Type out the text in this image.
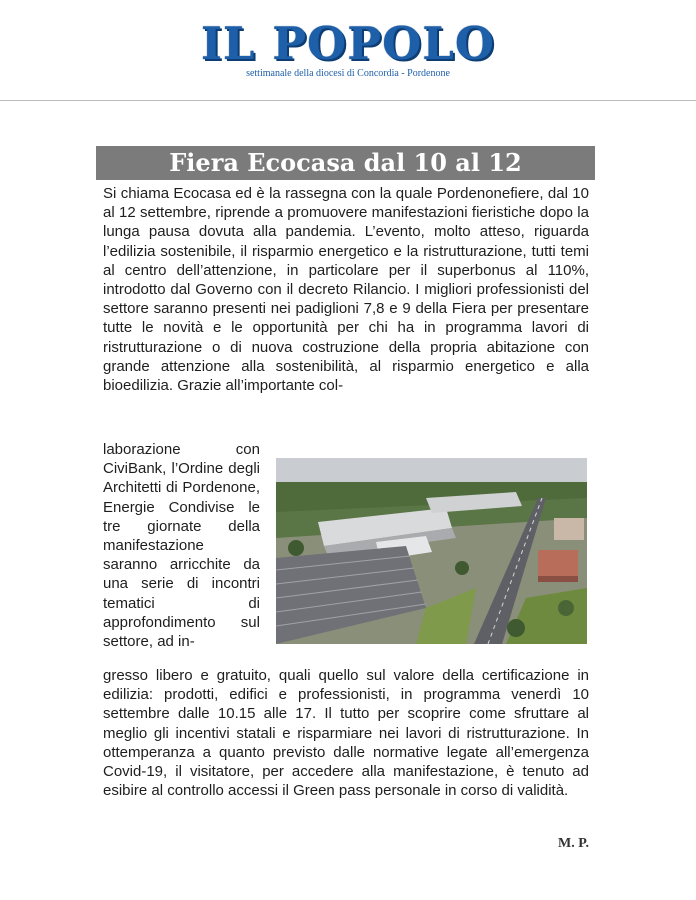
IL POPOLO
settimanale della diocesi di Concordia - Pordenone
Fiera Ecocasa dal 10 al 12

Si chiama Ecocasa ed è la rassegna con la quale Pordenonefiere, dal 10 al 12 settembre, riprende a promuovere manifestazioni fieristiche dopo la lunga pausa dovuta alla pandemia. L’evento, molto atteso, riguarda l’edilizia sostenibile, il risparmio energetico e la ristrutturazione, tutti temi al centro dell’attenzione, in particolare per il superbonus al 110%, introdotto dal Governo con il decreto Rilancio. I migliori professionisti del settore saranno presenti nei padiglioni 7,8 e 9 della Fiera per presentare tutte le novità e le opportunità per chi ha in programma lavori di ristrutturazione o di nuova costruzione della propria abitazione con grande attenzione alla sostenibilità, al risparmio energetico e alla bioedilizia. Grazie all’importante col-

laborazione con CiviBank, l’Ordine degli Architetti di Pordenone, Energie Condivise le tre giornate della manifestazione saranno arricchite da una serie di incontri tematici di approfondimento sul settore, ad in-

gresso libero e gratuito, quali quello sul valore della certificazione in edilizia: prodotti, edifici e professionisti, in programma venerdì 10 settembre dalle 10.15 alle 17. Il tutto per scoprire come sfruttare al meglio gli incentivi statali e risparmiare nei lavori di ristrutturazione. In ottemperanza a quanto previsto dalle normative legate all’emergenza Covid-19, il visitatore, per accedere alla manifestazione, è tenuto ad esibire al controllo accessi il Green pass personale in corso di validità.

M. P.
